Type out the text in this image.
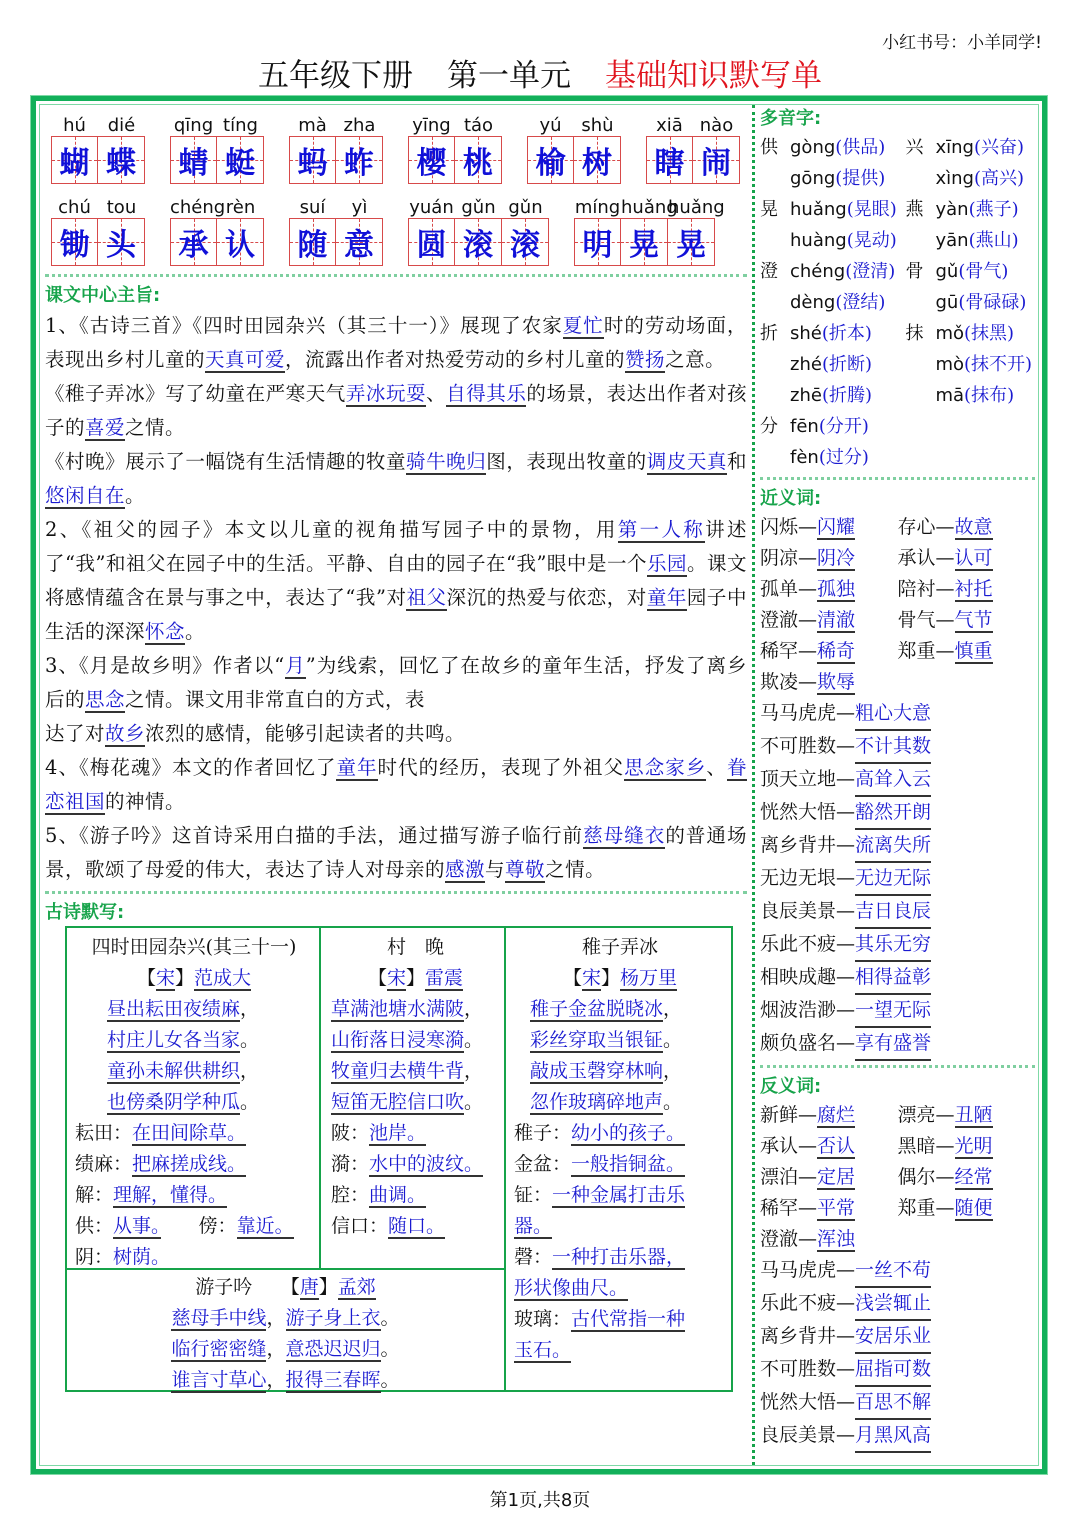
小红书号：小羊同学!
五年级下册 第一单元 基础知识默写单
hú	dié
蝴 蝶
qīng tíng
蜻 蜓
mà zha
蚂 蚱
yīng táo
樱 桃
yú	shù
榆 树
xiā nào
瞎 闹
chú tou
锄 头
chéng rèn
承 认
suí	yì
随 意
yuán gǔn gǔn
圆 滚 滚
míng huǎng
huǎng
明 晃 晃
课文中心主旨:
1、《古诗三首》《四时田园杂兴（其三十一）》展现了农家夏忙时的劳动场面，表现出乡村儿童的天真可爱，流露出作者对热爱劳动的乡村儿童的赞扬之意。
《稚子弄冰》写了幼童在严寒天气弄冰玩耍、自得其乐的场景，表达出作者对孩子的喜爱之情。
《村晚》展示了一幅饶有生活情趣的牧童骑牛晚归图，表现出牧童的调皮天真和悠闲自在。
2、《祖父的园子》本文以儿童的视角描写园子中的景物，用第一人称讲述了“我”和祖父在园子中的生活。平静、自由的园子在“我”眼中是一个乐园。课文将感情蕴含在景与事之中，表达了“我”对祖父深沉的热爱与依恋，对童年园子中生活的深深怀念。
3、《月是故乡明》作者以“月”为线索，回忆了在故乡的童年生活，抒发了离乡后的思念之情。课文用非常直白的方式，表
达了对故乡浓烈的感情，能够引起读者的共鸣。
4、《梅花魂》本文的作者回忆了童年时代的经历，表现了外祖父思念家乡、眷恋祖国的神情。
5、《游子吟》这首诗采用白描的手法，通过描写游子临行前慈母缝衣的普通场景，歌颂了母爱的伟大，表达了诗人对母亲的感激与尊敬之情。
古诗默写:
四时田园杂兴(其三十一)
【宋】范成大
昼出耘田夜绩麻，
村庄儿女各当家。
童孙未解供耕织，
也傍桑阴学种瓜。
耘田：在田间除草。
绩麻：把麻搓成线。
解：理解，懂得。
供：从事。　　 傍：靠近。
阴：树荫。
村　晚
【宋】雷震
草满池塘水满陂，
山衔落日浸寒漪。
牧童归去横牛背，
短笛无腔信口吹。
陂：池岸。
漪：水中的波纹。
腔：曲调。
信口：随口。
稚子弄冰
【宋】杨万里
稚子金盆脱晓冰，
彩丝穿取当银钲。
敲成玉磬穿林响，
忽作玻璃碎地声。
稚子：幼小的孩子。
金盆：一般指铜盆。
钲：一种金属打击乐
器。
磬：一种打击乐器，
形状像曲尺。
玻璃：古代常指一种
玉石。
游子吟　　 【唐】孟郊
慈母手中线，游子身上衣。
临行密密缝，意恐迟迟归。
谁言寸草心，报得三春晖。
多音字:
供 gòng (供品) 兴 xīng (兴奋)
gōng (提供)	xìng (高兴)
晃 huǎng (晃眼) 燕 yàn (燕子)
huàng (晃动) yān (燕山)
澄 chéng (澄清) 骨 gǔ (骨气)
dèng (澄结)	gū (骨碌碌)
折 shé (折本) 抹 mǒ (抹黑)
zhé (折断)	mò (抹不开)
zhē (折腾)	mā (抹布)
分 fēn (分开)
fèn (过分)
近义词:
闪烁—闪耀	存心—故意
阴凉—阴冷	承认—认可
孤单—孤独	陪衬—衬托
澄澈—清澈	骨气—气节
稀罕—稀奇	郑重—慎重
欺凌—欺辱
马马虎虎— 粗心大意
不可胜数— 不计其数
顶天立地— 高耸入云
恍然大悟— 豁然开朗
离乡背井— 流离失所
无边无垠— 无边无际
良辰美景— 吉日良辰
乐此不疲— 其乐无穷
相映成趣— 相得益彰
烟波浩渺— 一望无际
颇负盛名— 享有盛誉
反义词:
新鲜—腐烂	漂亮—丑陋
承认—否认	黑暗—光明
漂泊—定居	偶尔—经常
稀罕—平常	郑重—随便
澄澈—浑浊
马马虎虎— 一丝不苟
乐此不疲— 浅尝辄止
离乡背井— 安居乐业
不可胜数— 屈指可数
恍然大悟— 百思不解
良辰美景— 月黑风高
第1页,共8页
